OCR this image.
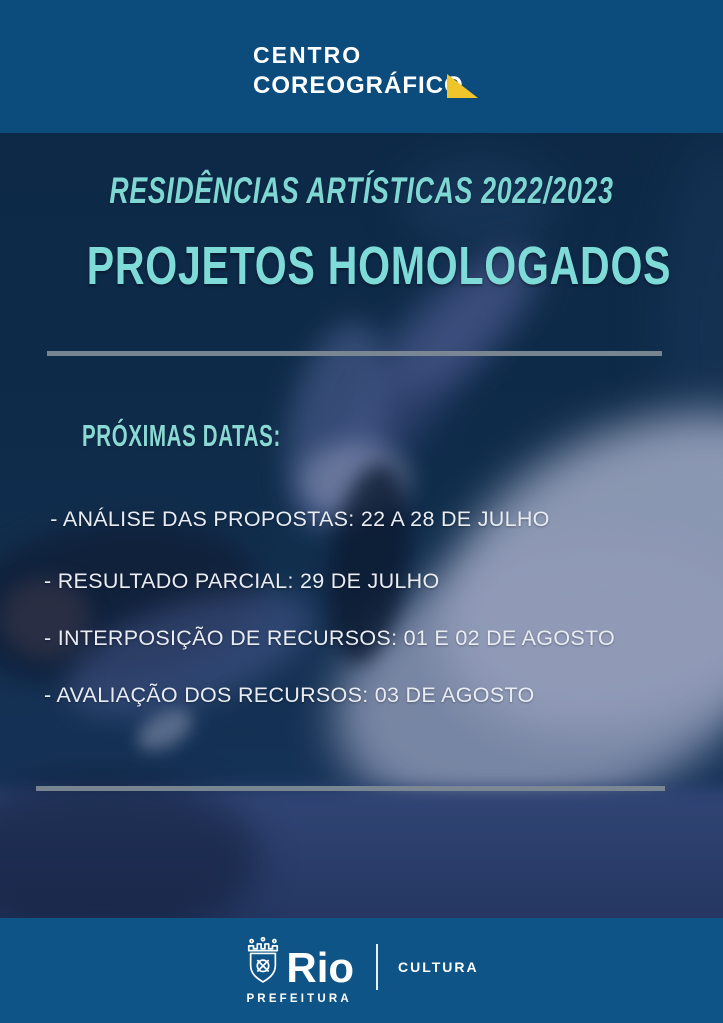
CENTRO
COREOGRÁFICO
RESIDÊNCIAS ARTÍSTICAS 2022/2023
PROJETOS HOMOLOGADOS
PRÓXIMAS DATAS:
- ANÁLISE DAS PROPOSTAS: 22 A 28 DE JULHO
- RESULTADO PARCIAL: 29 DE JULHO
- INTERPOSIÇÃO DE RECURSOS: 01 E 02 DE AGOSTO
- AVALIAÇÃO DOS RECURSOS: 03 DE AGOSTO
Rio
PREFEITURA
CULTURA
